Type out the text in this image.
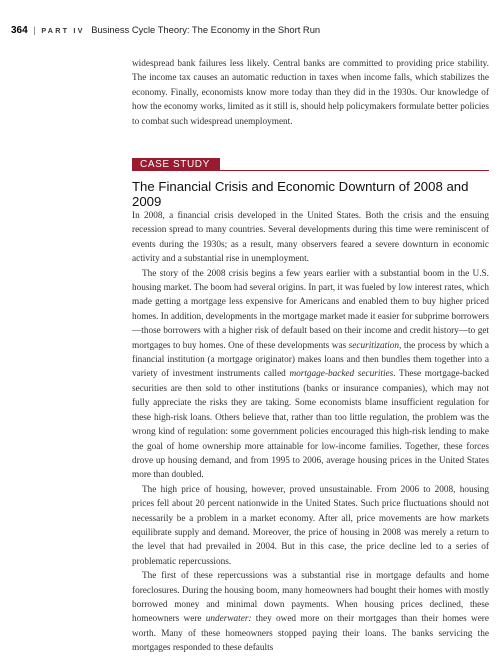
364 | PART IV Business Cycle Theory: The Economy in the Short Run

widespread bank failures less likely. Central banks are committed to providing price stability. The income tax causes an automatic reduction in taxes when income falls, which stabilizes the economy. Finally, economists know more today than they did in the 1930s. Our knowledge of how the economy works, limited as it still is, should help policymakers formulate better policies to combat such widespread unemployment.

CASE STUDY
The Financial Crisis and Economic Downturn of 2008 and 2009

In 2008, a financial crisis developed in the United States. Both the crisis and the ensuing recession spread to many countries. Several developments during this time were reminiscent of events during the 1930s; as a result, many observers feared a severe downturn in economic activity and a substantial rise in unemployment.

The story of the 2008 crisis begins a few years earlier with a substantial boom in the U.S. housing market. The boom had several origins. In part, it was fueled by low interest rates, which made getting a mortgage less expensive for Americans and enabled them to buy higher priced homes. In addition, developments in the mortgage market made it easier for subprime borrowers—those borrowers with a higher risk of default based on their income and credit history—to get mortgages to buy homes. One of these developments was securitization, the process by which a financial institution (a mortgage originator) makes loans and then bundles them together into a variety of investment instruments called mortgage-backed securities. These mortgage-backed securities are then sold to other institutions (banks or insurance companies), which may not fully appreciate the risks they are taking. Some economists blame insufficient regulation for these high-risk loans. Others believe that, rather than too little regulation, the problem was the wrong kind of regulation: some government policies encouraged this high-risk lending to make the goal of home ownership more attainable for low-income families. Together, these forces drove up housing demand, and from 1995 to 2006, average housing prices in the United States more than doubled.

The high price of housing, however, proved unsustainable. From 2006 to 2008, housing prices fell about 20 percent nationwide in the United States. Such price fluctuations should not necessarily be a problem in a market economy. After all, price movements are how markets equilibrate supply and demand. Moreover, the price of housing in 2008 was merely a return to the level that had prevailed in 2004. But in this case, the price decline led to a series of problematic repercussions.

The first of these repercussions was a substantial rise in mortgage defaults and home foreclosures. During the housing boom, many homeowners had bought their homes with mostly borrowed money and minimal down payments. When housing prices declined, these homeowners were underwater: they owed more on their mortgages than their homes were worth. Many of these homeowners stopped paying their loans. The banks servicing the mortgages responded to these defaults
